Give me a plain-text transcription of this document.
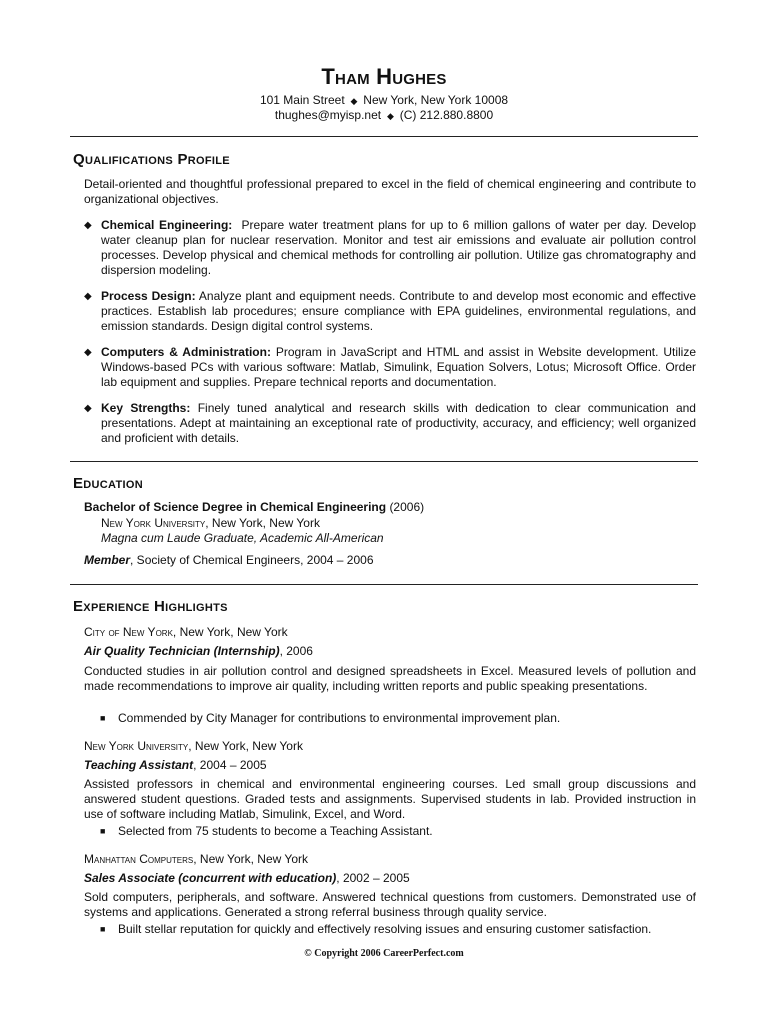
Tham Hughes
101 Main Street  ◆  New York, New York 10008
thughes@myisp.net  ◆  (C) 212.880.8800
Qualifications Profile
Detail-oriented and thoughtful professional prepared to excel in the field of chemical engineering and contribute to organizational objectives.
◆ Chemical Engineering: Prepare water treatment plans for up to 6 million gallons of water per day. Develop water cleanup plan for nuclear reservation. Monitor and test air emissions and evaluate air pollution control processes. Develop physical and chemical methods for controlling air pollution. Utilize gas chromatography and dispersion modeling.
◆ Process Design: Analyze plant and equipment needs. Contribute to and develop most economic and effective practices. Establish lab procedures; ensure compliance with EPA guidelines, environmental regulations, and emission standards. Design digital control systems.
◆ Computers & Administration: Program in JavaScript and HTML and assist in Website development. Utilize Windows-based PCs with various software: Matlab, Simulink, Equation Solvers, Lotus; Microsoft Office. Order lab equipment and supplies. Prepare technical reports and documentation.
◆ Key Strengths: Finely tuned analytical and research skills with dedication to clear communication and presentations. Adept at maintaining an exceptional rate of productivity, accuracy, and efficiency; well organized and proficient with details.
Education
Bachelor of Science Degree in Chemical Engineering (2006)
New York University, New York, New York
Magna cum Laude Graduate, Academic All-American
Member, Society of Chemical Engineers, 2004 – 2006
Experience Highlights
City of New York, New York, New York
Air Quality Technician (Internship), 2006
Conducted studies in air pollution control and designed spreadsheets in Excel. Measured levels of pollution and made recommendations to improve air quality, including written reports and public speaking presentations.
■ Commended by City Manager for contributions to environmental improvement plan.
New York University, New York, New York
Teaching Assistant, 2004 – 2005
Assisted professors in chemical and environmental engineering courses. Led small group discussions and answered student questions. Graded tests and assignments. Supervised students in lab. Provided instruction in use of software including Matlab, Simulink, Excel, and Word.
■ Selected from 75 students to become a Teaching Assistant.
Manhattan Computers, New York, New York
Sales Associate (concurrent with education), 2002 – 2005
Sold computers, peripherals, and software. Answered technical questions from customers. Demonstrated use of systems and applications. Generated a strong referral business through quality service.
■ Built stellar reputation for quickly and effectively resolving issues and ensuring customer satisfaction.
© Copyright 2006 CareerPerfect.com
